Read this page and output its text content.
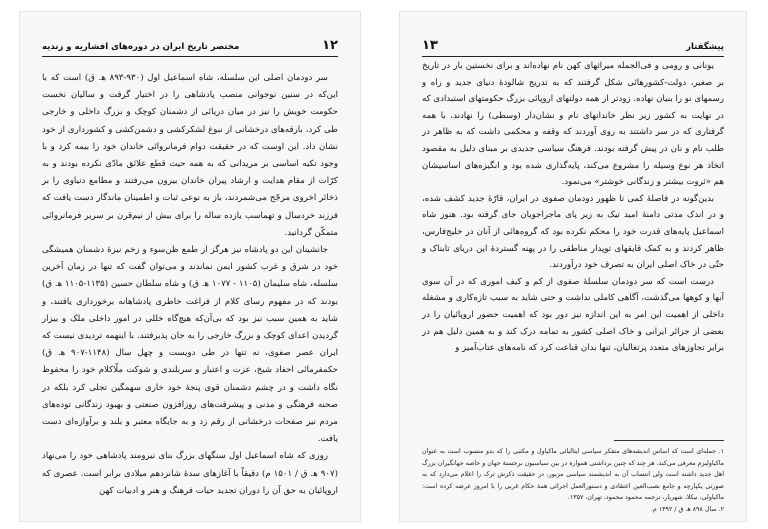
مختصر تاریخ ایران در دوره‌های افشاریه و زندیه	۱۲

سر دودمان اصلی این سلسله، شاه اسماعیل اول (۹۳۰-۸۹۳ ه‍. ق) است که با این‌که در سنین نوجوانی منصب پادشاهی را در اختیار گرفت و سالیان نخست حکومت خویش را نیز در میان دریائی از دشمنان کوچک و بزرگ داخلی و خارجی طی کرد، بارقه‌های درخشانی از نبوغ لشکرکشی و دشمن‌کشی و کشورداری از خود نشان داد. این اوست که در حقیقت دوام فرمانروائی خاندان خود را بیمه کرد و با وجود تکیه اساسی بر مریدانی که به همه حیث قطع علائق مادّی نکرده بودند و به کرّات از مقام هدایت و ارشاد پیران خاندان بیرون می‌رفتند و مطامع دنیاوی را بر ذخائر اخروی مرجّح می‌شمردند، باز به نوعی ثبات و اطمینان ماندگار دست یافت که فرزند خردسال و تهماسب یازده ساله را برای بیش از نیم‌قرن بر سریر فرمانروائی متمکّن گردانید.

جانشینان این دو پادشاه نیز هرگز از طمع ظن‌سوء و زخم نیزهٔ دشمنان همیشگی خود در شرق و غرب کشور ایمن نماندند و می‌توان گفت که تنها در زمان آخرین سلسله، شاه سلیمان (۱۱۰۵ - ۱۰۷۷ ه‍. ق) و شاه سلطان حسین (۱۱۳۵-۱۱۰۵ ه‍. ق) بودند که در مفهوم رسای کلام از فراغت خاطری پادشاهانه برخورداری یافتند، و شاید به همین سبب نیز بود که بی‌آن‌که هیچ‌گاه خللی در امور داخلی ملک و بیزار گردیدن اعدای کوچک و بزرگ خارجی را به جان پذیرفتند. با اینهمه تردیدی نیست که ایران عصر صفوی، نه تنها در طی دویست و چهل سال (۱۱۴۸-۹۰۷ ه‍. ق) حکمفرمائی احفاد شیخ، عزت و اعتبار و سربلندی و شوکت ملّاکلام خود را محفوظ نگاه داشت و در چشم دشمنان قوی پنجهٔ خود خاری سهمگین تجلی کرد بلکه در صحنه فرهنگی و مدنی و پیشرفت‌های روزافزون صنعتی و بهبود زندگانی توده‌های مردم نیز صفحات درخشانی از رقم زد و به جایگاه معتبر و بلند و برآوازه‌ای دست یافت.

روزی که شاه اسماعیل اول سنگهای بزرگ بنای نیرومند پادشاهی خود را می‌نهاد (۹۰۷ ه‍. ق / ۱۵۰۱ م) دقیقاً با آغازهای سدهٔ شانزدهم میلادی برابر است. عصری که اروپائیان به حق آن را دوران تجدید حیات فرهنگ و هنر و ادبیات کهن

پیشگفتار
۱۳

یونانی و رومی و فی‌الجمله میراثهای کهن نام نهاده‌اند و برای نخستین بار در تاریخ بر صغیر، دولت-کشورهائی شکل گرفتند که به تدریج شالودهٔ دنیای جدید و راه و رسمهای نو را بنیان نهاده. زودتر از همه دولتهای اروپائی بزرگ حکومتهای استبدادی که در نهایت به کشور زیر نظر خاندانهای نام و نشان‌دار (وسطی) را نهادند، با همه گرفتاری که در سر داشتند به روی آوردند که وقفه و محکمی داشت که به ظاهر در طلب نام و نان در پیش گرفته بودند. فرهنگ سیاسی جدیدی بر مبنای دلیل به مقصود اتخاذ هر نوع وسیله را مشروع می‌کند، پایه‌گذاری شده بود و انگیزه‌های اساسیشان هم «ثروت بیشتر و زندگانی خوشتر» می‌نمود.

بدین‌گونه در فاصلهٔ کمی تا ظهور دودمان صفوی در ایران، قارّهٔ جدید کشف شده، و در اندک مدتی دامنهٔ امید تیک به زیر پای ماجراجویان جای گرفته بود. هنوز شاه اسماعیل پایه‌های قدرت خود را محکم نکرده بود که گروه‌هائی از آنان در خلیج‌فارس، ظاهر کردند و به کمک قایقهای توپدار مناطقی را در پهنه گستردهٔ این دریای تابناک و حتّی در خاک اصلی ایران به تصرف خود درآوردند.

درست است که سر دودمان سلسلهٔ صفوی از کم و کیف اموری که در آن سوی آبها و کوهها می‌گذشت، آگاهی کاملی نداشت و حتی شاید به سبب تازه‌کاری و مشغله داخلی از اهمیت این امر به این اندازه نیز دور بود که اهمیت حضور اروپائیان را در بعضی از جزائر ایرانی و خاک اصلی کشور به تمامه درک کند و به همین دلیل هم در برابر تجاوزهای متعدد پرتغالیان، تنها بدان قناعت کرد که نامه‌های عتاب‌آمیز و

۱. جمله‌ای است که اساس اندیشه‌های متفکر سیاسی ایتالیائی ماکیاول و مکتبی را که بدو منسوب است به عنوان ماکیاولیزم معرفی می‌کند، هر چند که چنین برداشتی همواره در بین سیاسیون برجستهٔ جهان و خاصه جهانگیران بزرگ اهل جدید داشته است ولی انتساب آن به اندیشمند سیاسی مزبور، در حقیقت ذکرش ترک را اعلام می‌دارد که به صورتی یکپارچه و جامع نصب‌العین اعتقادی و دستورالعمل اجرائی همهٔ حکام غربی را با امروز عرضه کرده است: ماکیاولی، نیکلا، شهریار، ترجمه محمود محمود، تهران، ۱۳۵۷.

۲. سال ۸۹۸ ه‍. ق / ۱۴۹۲ م.
